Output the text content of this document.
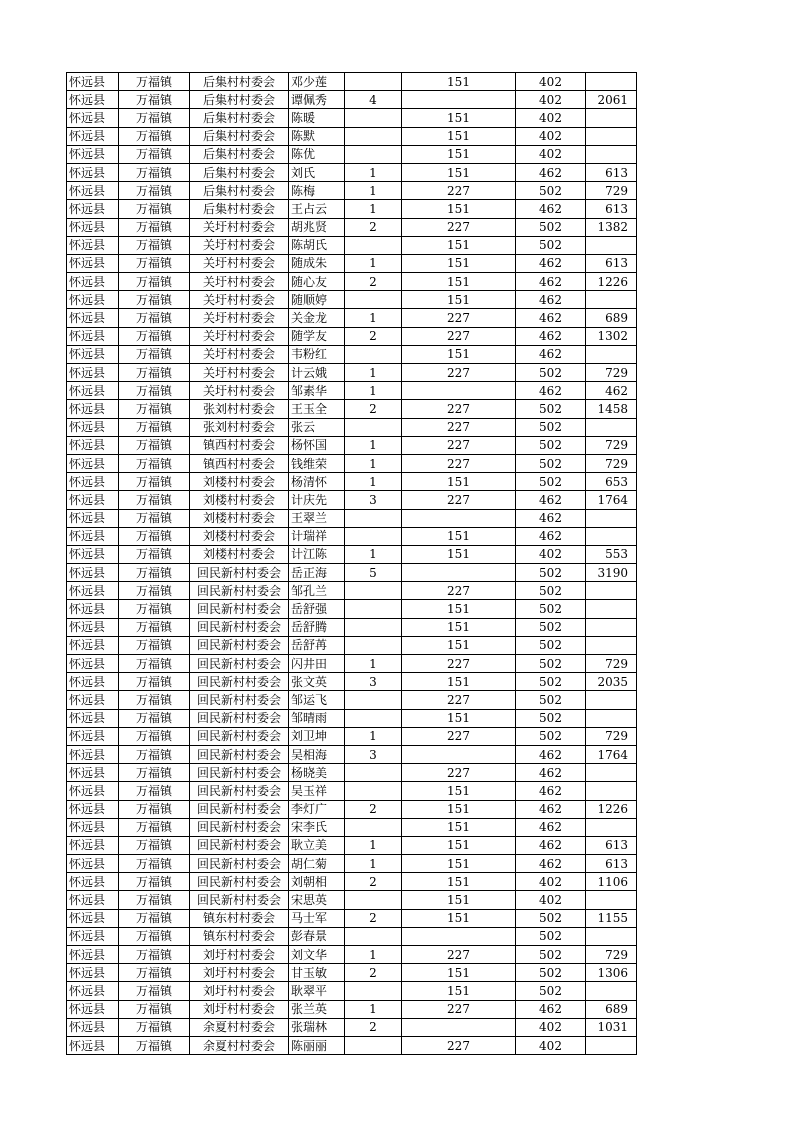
怀远县	万福镇	后集村村委会	邓少莲		151	402	
怀远县	万福镇	后集村村委会	谭佩秀	4		402	2061
怀远县	万福镇	后集村村委会	陈暖		151	402	
怀远县	万福镇	后集村村委会	陈默		151	402	
怀远县	万福镇	后集村村委会	陈优		151	402	
怀远县	万福镇	后集村村委会	刘氏	1	151	462	613
怀远县	万福镇	后集村村委会	陈梅	1	227	502	729
怀远县	万福镇	后集村村委会	王占云	1	151	462	613
怀远县	万福镇	关圩村村委会	胡兆贤	2	227	502	1382
怀远县	万福镇	关圩村村委会	陈胡氏		151	502	
怀远县	万福镇	关圩村村委会	随成朱	1	151	462	613
怀远县	万福镇	关圩村村委会	随心友	2	151	462	1226
怀远县	万福镇	关圩村村委会	随顺婷		151	462	
怀远县	万福镇	关圩村村委会	关金龙	1	227	462	689
怀远县	万福镇	关圩村村委会	随学友	2	227	462	1302
怀远县	万福镇	关圩村村委会	韦粉红		151	462	
怀远县	万福镇	关圩村村委会	计云娥	1	227	502	729
怀远县	万福镇	关圩村村委会	邹素华	1		462	462
怀远县	万福镇	张刘村村委会	王玉全	2	227	502	1458
怀远县	万福镇	张刘村村委会	张云		227	502	
怀远县	万福镇	镇西村村委会	杨怀国	1	227	502	729
怀远县	万福镇	镇西村村委会	钱维荣	1	227	502	729
怀远县	万福镇	刘楼村村委会	杨清怀	1	151	502	653
怀远县	万福镇	刘楼村村委会	计庆先	3	227	462	1764
怀远县	万福镇	刘楼村村委会	王翠兰			462	
怀远县	万福镇	刘楼村村委会	计瑞祥		151	462	
怀远县	万福镇	刘楼村村委会	计江陈	1	151	402	553
怀远县	万福镇	回民新村村委会	岳正海	5		502	3190
怀远县	万福镇	回民新村村委会	邹孔兰		227	502	
怀远县	万福镇	回民新村村委会	岳舒强		151	502	
怀远县	万福镇	回民新村村委会	岳舒腾		151	502	
怀远县	万福镇	回民新村村委会	岳舒苒		151	502	
怀远县	万福镇	回民新村村委会	闪井田	1	227	502	729
怀远县	万福镇	回民新村村委会	张文英	3	151	502	2035
怀远县	万福镇	回民新村村委会	邹运飞		227	502	
怀远县	万福镇	回民新村村委会	邹晴雨		151	502	
怀远县	万福镇	回民新村村委会	刘卫坤	1	227	502	729
怀远县	万福镇	回民新村村委会	吴相海	3		462	1764
怀远县	万福镇	回民新村村委会	杨晓美		227	462	
怀远县	万福镇	回民新村村委会	吴玉祥		151	462	
怀远县	万福镇	回民新村村委会	李灯广	2	151	462	1226
怀远县	万福镇	回民新村村委会	宋李氏		151	462	
怀远县	万福镇	回民新村村委会	耿立美	1	151	462	613
怀远县	万福镇	回民新村村委会	胡仁菊	1	151	462	613
怀远县	万福镇	回民新村村委会	刘朝相	2	151	402	1106
怀远县	万福镇	回民新村村委会	宋思英		151	402	
怀远县	万福镇	镇东村村委会	马士军	2	151	502	1155
怀远县	万福镇	镇东村村委会	彭春景			502	
怀远县	万福镇	刘圩村村委会	刘文华	1	227	502	729
怀远县	万福镇	刘圩村村委会	甘玉敏	2	151	502	1306
怀远县	万福镇	刘圩村村委会	耿翠平		151	502	
怀远县	万福镇	刘圩村村委会	张兰英	1	227	462	689
怀远县	万福镇	余夏村村委会	张瑞林	2		402	1031
怀远县	万福镇	余夏村村委会	陈丽丽		227	402	
